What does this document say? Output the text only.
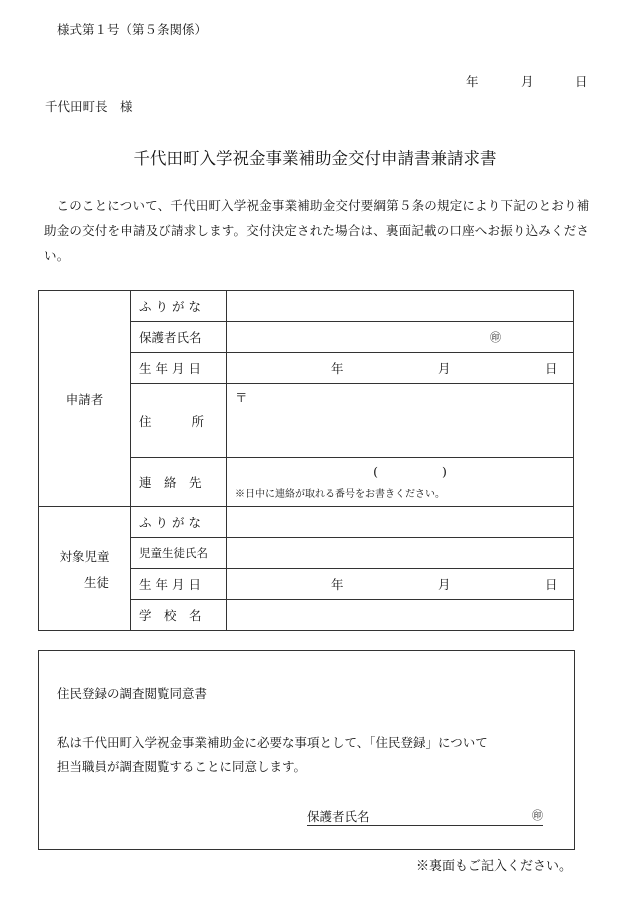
様式第１号（第５条関係）
年	月	日
千代田町長　様
千代田町入学祝金事業補助金交付申請書兼請求書
このことについて、千代田町入学祝金事業補助金交付要綱第５条の規定により下記のとおり補助金の交付を申請及び請求します。交付決定された場合は、裏面記載の口座へお振り込みください。
申請者	ふりがな	
	保護者氏名	㊞
	生年月日	年 月 日

	住 所	〒
	連　絡　先	( )
※日中に連絡が取れる番号をお書きください。

対象児童
生徒	ふりがな	
	児童生徒氏名	
	生年月日	年 月 日

	学　校　名	
住民登録の調査閲覧同意書
私は千代田町入学祝金事業補助金に必要な事項として、「住民登録」について
担当職員が調査閲覧することに同意します。
保護者氏名	㊞
※裏面もご記入ください。
